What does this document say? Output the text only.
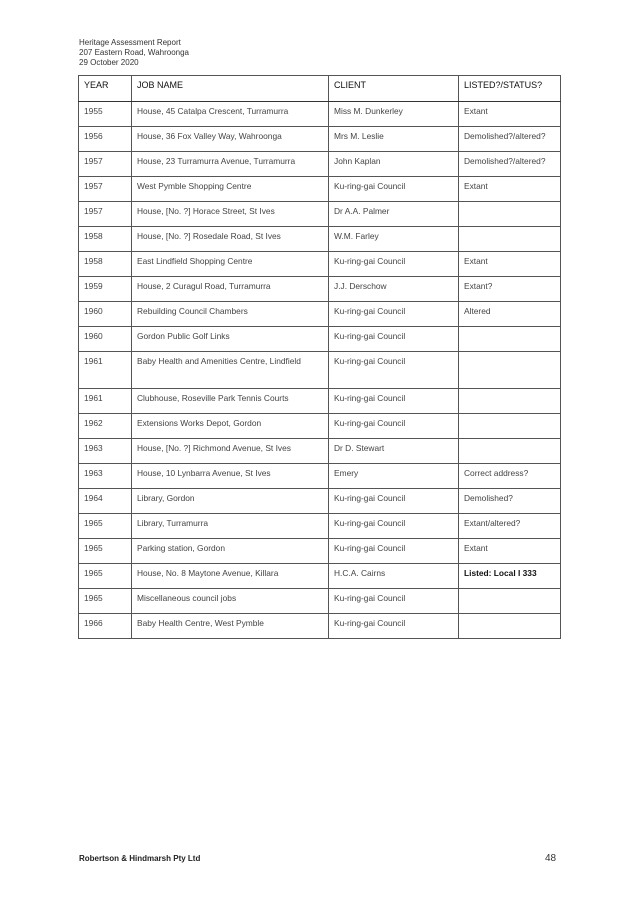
Heritage Assessment Report
207 Eastern Road, Wahroonga
29 October 2020
YEAR	JOB NAME	CLIENT	LISTED?/STATUS?
1955	House, 45 Catalpa Crescent, Turramurra	Miss M. Dunkerley	Extant
1956	House, 36 Fox Valley Way, Wahroonga	Mrs M. Leslie	Demolished?/altered?
1957	House, 23 Turramurra Avenue, Turramurra	John Kaplan	Demolished?/altered?
1957	West Pymble Shopping Centre	Ku-ring-gai Council	Extant
1957	House, [No. ?] Horace Street, St Ives	Dr A.A. Palmer	
1958	House, [No. ?] Rosedale Road, St Ives	W.M. Farley	
1958	East Lindfield Shopping Centre	Ku-ring-gai Council	Extant
1959	House, 2 Curagul Road, Turramurra	J.J. Derschow	Extant?
1960	Rebuilding Council Chambers	Ku-ring-gai Council	Altered
1960	Gordon Public Golf Links	Ku-ring-gai Council	
1961	Baby Health and Amenities Centre, Lindfield	Ku-ring-gai Council	
1961	Clubhouse, Roseville Park Tennis Courts	Ku-ring-gai Council	
1962	Extensions Works Depot, Gordon	Ku-ring-gai Council	
1963	House, [No. ?] Richmond Avenue, St Ives	Dr D. Stewart	
1963	House, 10 Lynbarra Avenue, St Ives	Emery	Correct address?
1964	Library, Gordon	Ku-ring-gai Council	Demolished?
1965	Library, Turramurra	Ku-ring-gai Council	Extant/altered?
1965	Parking station, Gordon	Ku-ring-gai Council	Extant
1965	House, No. 8 Maytone Avenue, Killara	H.C.A. Cairns	Listed: Local I 333
1965	Miscellaneous council jobs	Ku-ring-gai Council	
1966	Baby Health Centre, West Pymble	Ku-ring-gai Council	
Robertson & Hindmarsh Pty Ltd	48
